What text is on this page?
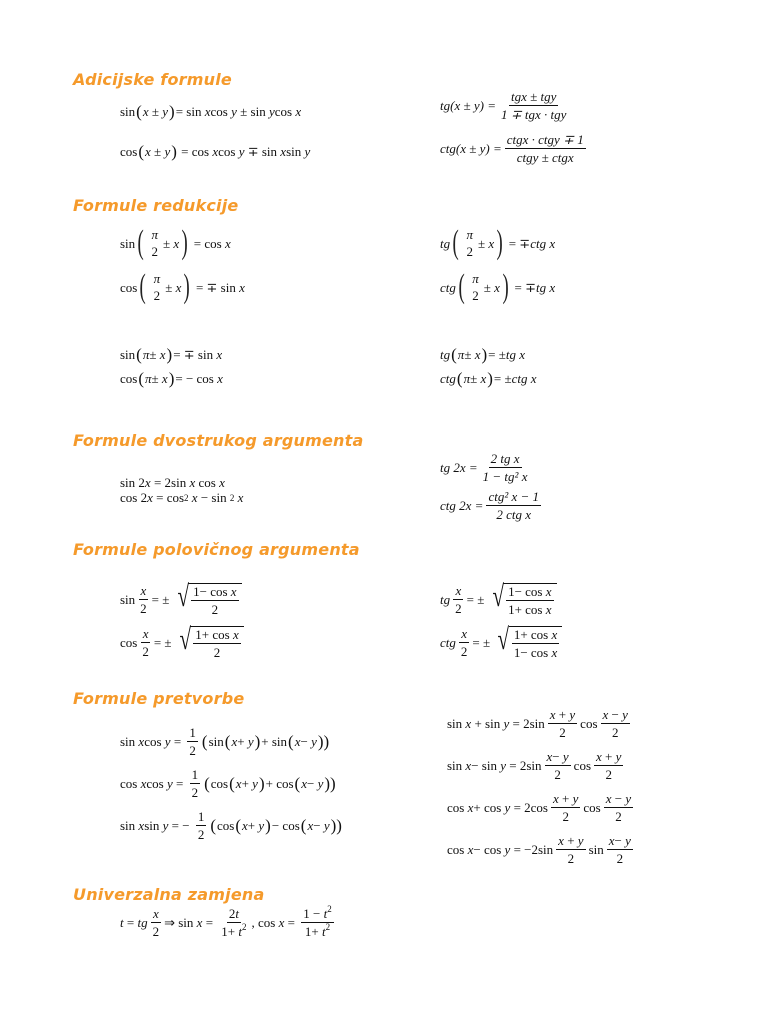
Adicijske formule
sin ( x ± y ) = sin x cos y ± sin y cos x
cos ( x ± y ) = cos x cos y ∓ sin x sin y
$tg(x \pm y) = \frac{\text{tgx ± tgy}}{\text{1 ∓ tgx · tgy}}$
$ctg(x \pm y) = \frac{\text{ctgx · ctgy ∓ 1}}{\text{ctgy ± ctgx}}$
Formule redukcije
sin ( π
2
± x ) = cos x
cos ( π
2
± x ) = ∓ sin x
tg ( π
2
± x ) = ∓ ctg x
ctg ( π
2
± x ) = ∓ tg x
sin ( π ± x ) = ∓ sin x
cos ( π ± x ) = − cos x
tg ( π ± x ) = ± tg x
ctg ( π ± x ) = ± ctg x
Formule dvostrukog argumenta
sin 2 x = 2sin x cos x
cos 2 x = cos 2
x − sin 2
x
tg $2x = \frac{\text{2 tg x}}{\text{1 − tg² x}}$
ctg $2x = \frac{\text{ctg² x − 1}}{\text{2 ctg x}}$
Formule polovičnog argumenta
$\sin \frac{x}{2}$ = ± √ $\frac{\text{1− cos x}}{2}$
$\cos \frac{x}{2}$ = ± √ $\frac{\text{1+ cos x}}{2}$
tg $\frac{x}{2}$ = ± √ $\frac{\text{1− cos x}}{\text{1+ cos x}}$
ctg $\frac{x}{2}$ = ± √ $\frac{\text{1+ cos x}}{\text{1− cos x}}$
Formule pretvorbe
sin x $\cos y = \frac{1}{2}$ ( sin ( x + y ) + sin ( x − y ))
cos x $\cos y = \frac{1}{2}$ ( cos ( x + y ) + cos ( x − y ))
sin x sin y = − $\frac{1}{2}$ ( cos ( x + y ) − cos ( x − y ))
$\sin x + \sin y = 2\sin \frac{x + y}{2}$ $\cos \frac{x - y}{2}$
$\sin x - \sin y = 2\sin \frac{x- y}{2}$ $\cos \frac{x + y}{2}$
$\cos x + \cos y = 2\cos \frac{x + y}{2}$ $\cos \frac{x - y}{2}$
$\cos x - \cos y = -2\sin \frac{x + y}{2}$ $\sin \frac{x- y}{2}$
Univerzalna zamjena
t = tg $\frac{x}{2}$ ⇒ $\sin x = \frac{2t}{1+ t^2}$ , $\cos x = \frac{1 - t^2}{1+ t^2}$
